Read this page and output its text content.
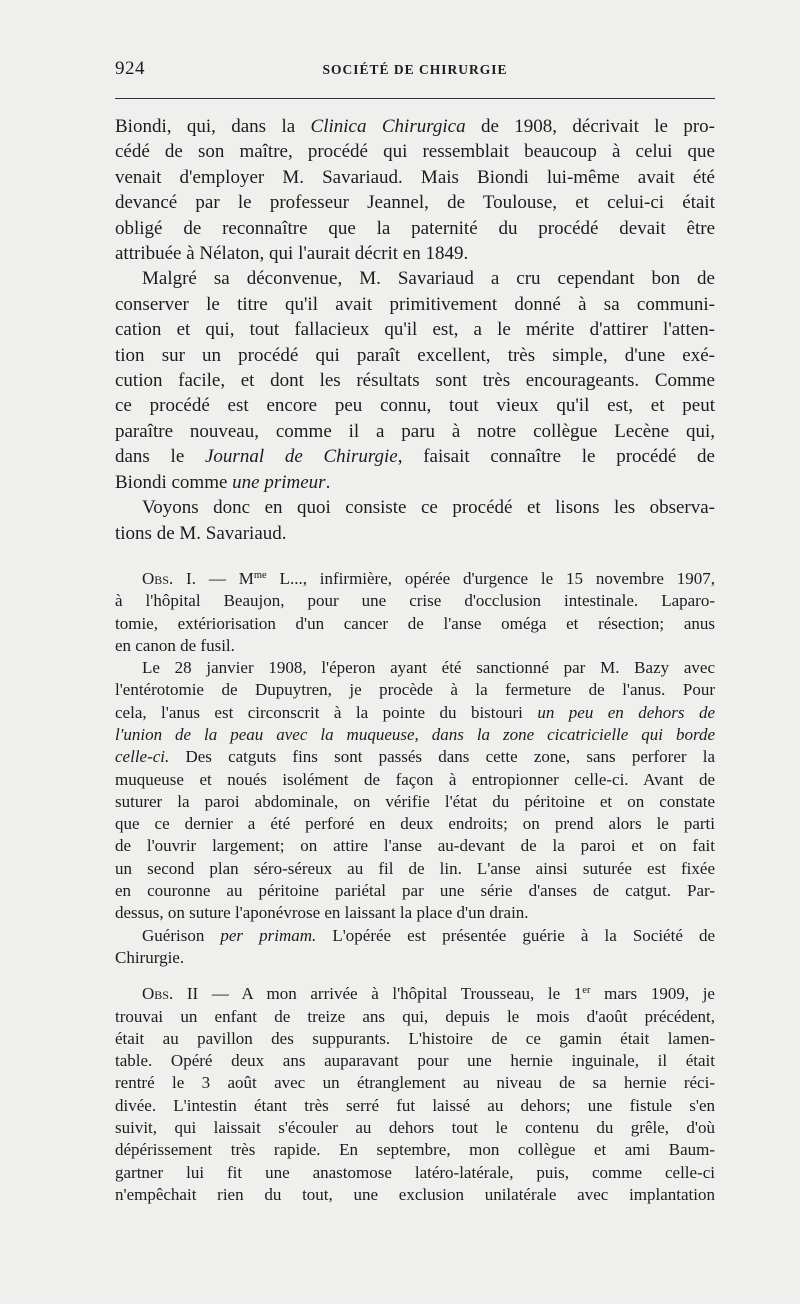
924	SOCIÉTÉ DE CHIRURGIE
Biondi, qui, dans la Clinica Chirurgica de 1908, décrivait le pro-
cédé de son maître, procédé qui ressemblait beaucoup à celui que
venait d'employer M. Savariaud. Mais Biondi lui-même avait été
devancé par le professeur Jeannel, de Toulouse, et celui-ci était
obligé de reconnaître que la paternité du procédé devait être
attribuée à Nélaton, qui l'aurait décrit en 1849.
Malgré sa déconvenue, M. Savariaud a cru cependant bon de
conserver le titre qu'il avait primitivement donné à sa communi-
cation et qui, tout fallacieux qu'il est, a le mérite d'attirer l'atten-
tion sur un procédé qui paraît excellent, très simple, d'une exé-
cution facile, et dont les résultats sont très encourageants. Comme
ce procédé est encore peu connu, tout vieux qu'il est, et peut
paraître nouveau, comme il a paru à notre collègue Lecène qui,
dans le Journal de Chirurgie, faisait connaître le procédé de
Biondi comme une primeur.
Voyons donc en quoi consiste ce procédé et lisons les observa-
tions de M. Savariaud.
Obs. I. — $M^{me}$ L..., infirmière, opérée d'urgence le 15 novembre 1907,
à l'hôpital Beaujon, pour une crise d'occlusion intestinale. Laparo-
tomie, extériorisation d'un cancer de l'anse oméga et résection; anus
en canon de fusil.
Le 28 janvier 1908, l'éperon ayant été sanctionné par M. Bazy avec
l'entérotomie de Dupuytren, je procède à la fermeture de l'anus. Pour
cela, l'anus est circonscrit à la pointe du bistouri un peu en dehors de
l'union de la peau avec la muqueuse, dans la zone cicatricielle qui borde
celle-ci. Des catguts fins sont passés dans cette zone, sans perforer la
muqueuse et noués isolément de façon à entropionner celle-ci. Avant de
suturer la paroi abdominale, on vérifie l'état du péritoine et on constate
que ce dernier a été perforé en deux endroits; on prend alors le parti
de l'ouvrir largement; on attire l'anse au-devant de la paroi et on fait
un second plan séro-séreux au fil de lin. L'anse ainsi suturée est fixée
en couronne au péritoine pariétal par une série d'anses de catgut. Par-
dessus, on suture l'aponévrose en laissant la place d'un drain.
Guérison per primam. L'opérée est présentée guérie à la Société de
Chirurgie.
Obs. II — A mon arrivée à l'hôpital Trousseau, le 1er mars 1909, je
trouvai un enfant de treize ans qui, depuis le mois d'août précédent,
était au pavillon des suppurants. L'histoire de ce gamin était lamen-
table. Opéré deux ans auparavant pour une hernie inguinale, il était
rentré le 3 août avec un étranglement au niveau de sa hernie réci-
divée. L'intestin étant très serré fut laissé au dehors; une fistule s'en
suivit, qui laissait s'écouler au dehors tout le contenu du grêle, d'où
dépérissement très rapide. En septembre, mon collègue et ami Baum-
gartner lui fit une anastomose latéro-latérale, puis, comme celle-ci
n'empêchait rien du tout, une exclusion unilatérale avec implantation
